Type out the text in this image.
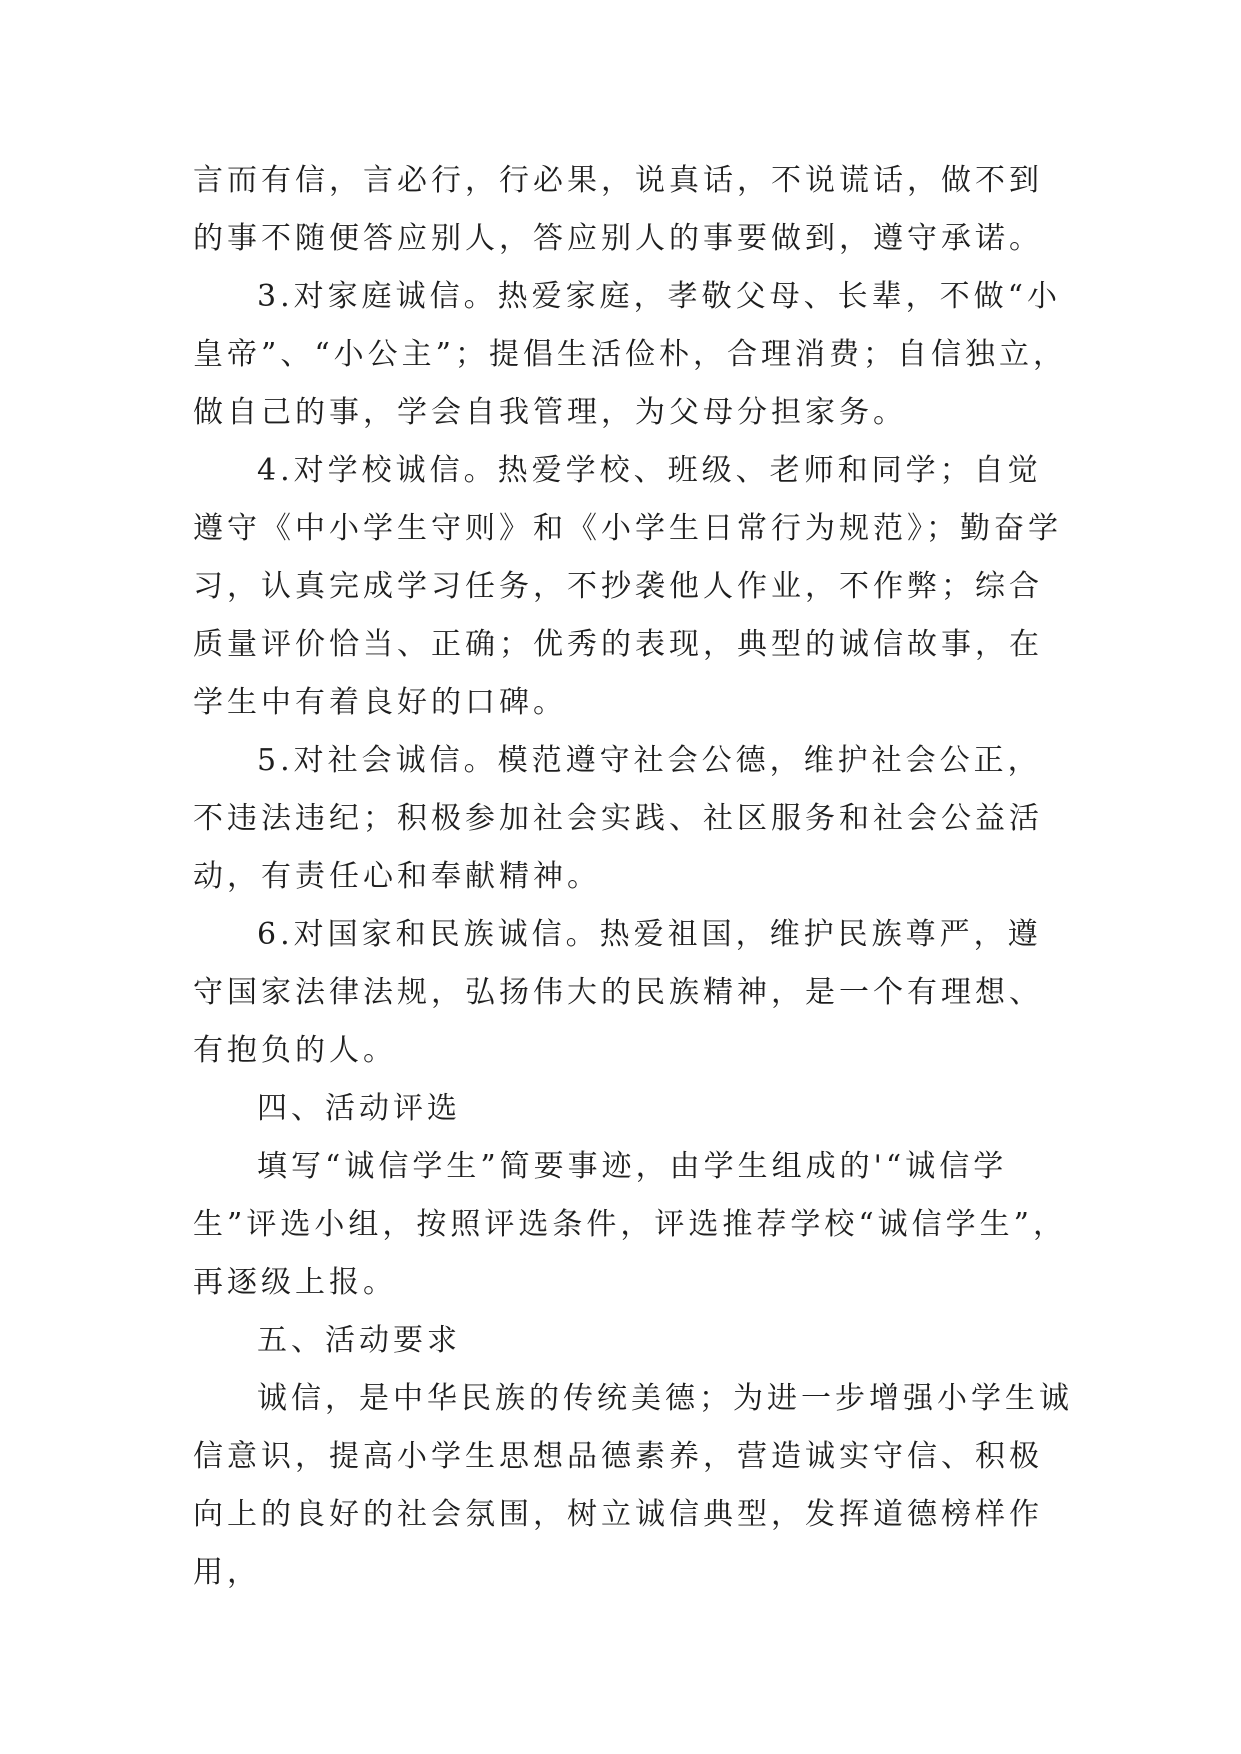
言而有信，言必行，行必果，说真话，不说谎话，做不到的事不随便答应别人，答应别人的事要做到，遵守承诺。

3.对家庭诚信。热爱家庭，孝敬父母、长辈，不做“小皇帝”、“小公主”；提倡生活俭朴，合理消费；自信独立，做自己的事，学会自我管理，为父母分担家务。

4.对学校诚信。热爱学校、班级、老师和同学；自觉遵守《中小学生守则》和《小学生日常行为规范》；勤奋学习，认真完成学习任务，不抄袭他人作业，不作弊；综合质量评价恰当、正确；优秀的表现，典型的诚信故事，在学生中有着良好的口碑。

5.对社会诚信。模范遵守社会公德，维护社会公正，不违法违纪；积极参加社会实践、社区服务和社会公益活动，有责任心和奉献精神。

6.对国家和民族诚信。热爱祖国，维护民族尊严，遵守国家法律法规，弘扬伟大的民族精神，是一个有理想、有抱负的人。

四、活动评选

填写“诚信学生”简要事迹，由学生组成的'“诚信学生”评选小组，按照评选条件，评选推荐学校“诚信学生”，再逐级上报。

五、活动要求

诚信，是中华民族的传统美德；为进一步增强小学生诚信意识，提高小学生思想品德素养，营造诚实守信、积极向上的良好的社会氛围，树立诚信典型，发挥道德榜样作用，
